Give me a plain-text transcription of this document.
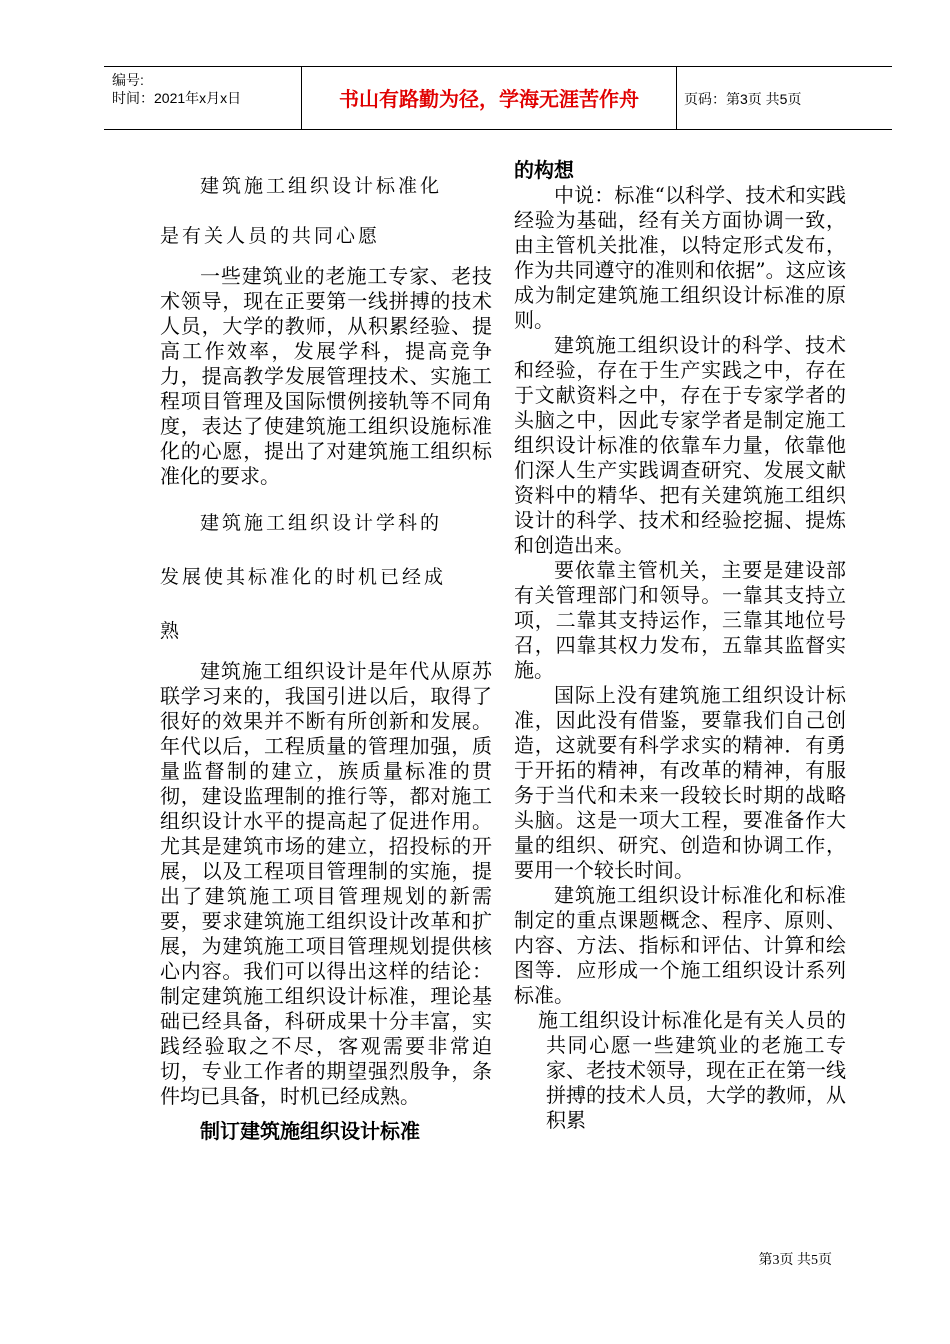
编号:
时间：2021年x月x日	书山有路勤为径，学海无涯苦作舟	页码：第3页 共5页

建筑施工组织设计标准化

是有关人员的共同心愿

一些建筑业的老施工专家、老技术领导，现在正要第一线拼搏的技术人员，大学的教师，从积累经验、提高工作效率，发展学科，提高竞争力，提高教学发展管理技术、实施工程项目管理及国际惯例接轨等不同角度，表达了使建筑施工组织设施标准化的心愿，提出了对建筑施工组织标准化的要求。

建筑施工组织设计学科的

发展使其标准化的时机已经成

熟

建筑施工组织设计是年代从原苏联学习来的，我国引进以后，取得了很好的效果并不断有所创新和发展。年代以后，工程质量的管理加强，质量监督制的建立，族质量标准的贯彻，建设监理制的推行等，都对施工组织设计水平的提高起了促进作用。尤其是建筑市场的建立，招投标的开展，以及工程项目管理制的实施，提出了建筑施工项目管理规划的新需要，要求建筑施工组织设计改革和扩展，为建筑施工项目管理规划提供核心内容。我们可以得出这样的结论：制定建筑施工组织设计标准，理论基础已经具备，科研成果十分丰富，实践经验取之不尽，客观需要非常迫切，专业工作者的期望强烈殷争，条件均已具备，时机已经成熟。

制订建筑施组织设计标准

的构想

中说：标准“以科学、技术和实践经验为基础，经有关方面协调一致，由主管机关批准，以特定形式发布，作为共同遵守的准则和依据”。这应该成为制定建筑施工组织设计标准的原则。

建筑施工组织设计的科学、技术和经验，存在于生产实践之中，存在于文献资料之中，存在于专家学者的头脑之中，因此专家学者是制定施工组织设计标准的依靠车力量，依靠他们深人生产实践调查研究、发展文献资料中的精华、把有关建筑施工组织设计的科学、技术和经验挖掘、提炼和创造出来。

要依靠主管机关，主要是建设部有关管理部门和领导。一靠其支持立项，二靠其支持运作，三靠其地位号召，四靠其权力发布，五靠其监督实施。

国际上没有建筑施工组织设计标准，因此没有借鉴，要靠我们自己创造，这就要有科学求实的精神．有勇于开拓的精神，有改革的精神，有服务于当代和未来一段较长时期的战略头脑。这是一项大工程，要准备作大量的组织、研究、创造和协调工作，要用一个较长时间。

建筑施工组织设计标准化和标准制定的重点课题概念、程序、原则、内容、方法、指标和评估、计算和绘图等．应形成一个施工组织设计系列标准。

施工组织设计标准化是有关人员的共同心愿一些建筑业的老施工专家、老技术领导，现在正在第一线拼搏的技术人员，大学的教师，从积累

第3页 共5页
